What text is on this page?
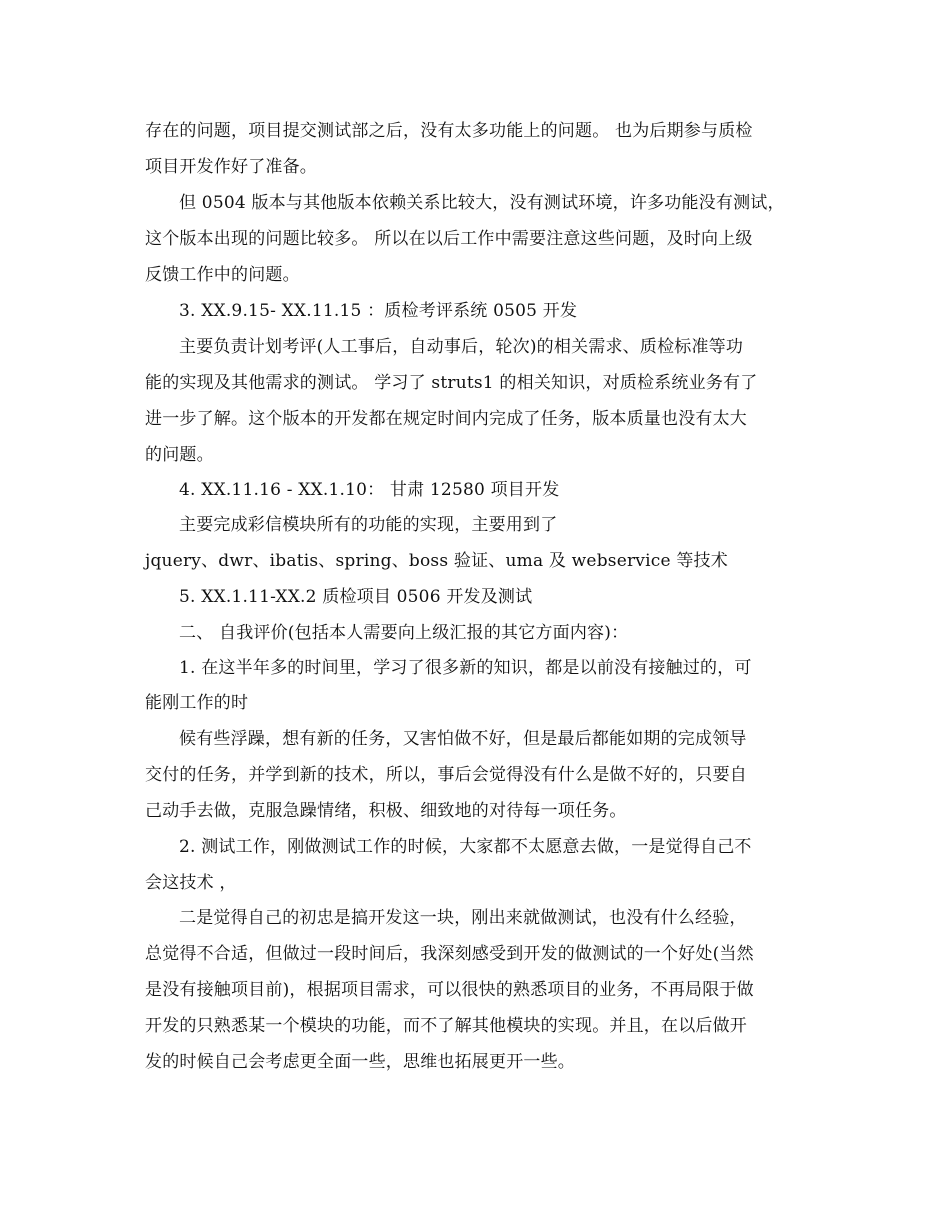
存在的问题，项目提交测试部之后，没有太多功能上的问题。 也为后期参与质检
项目开发作好了准备。
但 0504 版本与其他版本依赖关系比较大，没有测试环境，许多功能没有测试，
这个版本出现的问题比较多。 所以在以后工作中需要注意这些问题，及时向上级
反馈工作中的问题。
3. XX.9.15- XX.11.15 ：质检考评系统 0505 开发
主要负责计划考评(人工事后，自动事后，轮次)的相关需求、质检标准等功
能的实现及其他需求的测试。 学习了 struts1 的相关知识，对质检系统业务有了
进一步了解。这个版本的开发都在规定时间内完成了任务，版本质量也没有太大
的问题。
4. XX.11.16 - XX.1.10： 甘肃 12580 项目开发
主要完成彩信模块所有的功能的实现，主要用到了
jquery、dwr、ibatis、spring、boss 验证、uma 及 webservice 等技术
5. XX.1.11-XX.2 质检项目 0506 开发及测试
二、 自我评价(包括本人需要向上级汇报的其它方面内容)：
1. 在这半年多的时间里，学习了很多新的知识，都是以前没有接触过的，可
能刚工作的时
候有些浮躁，想有新的任务，又害怕做不好，但是最后都能如期的完成领导
交付的任务，并学到新的技术，所以，事后会觉得没有什么是做不好的，只要自
己动手去做，克服急躁情绪，积极、细致地的对待每一项任务。
2. 测试工作，刚做测试工作的时候，大家都不太愿意去做，一是觉得自己不
会这技术 ，
二是觉得自己的初忠是搞开发这一块，刚出来就做测试，也没有什么经验，
总觉得不合适，但做过一段时间后，我深刻感受到开发的做测试的一个好处(当然
是没有接触项目前)，根据项目需求，可以很快的熟悉项目的业务，不再局限于做
开发的只熟悉某一个模块的功能，而不了解其他模块的实现。并且，在以后做开
发的时候自己会考虑更全面一些，思维也拓展更开一些。
